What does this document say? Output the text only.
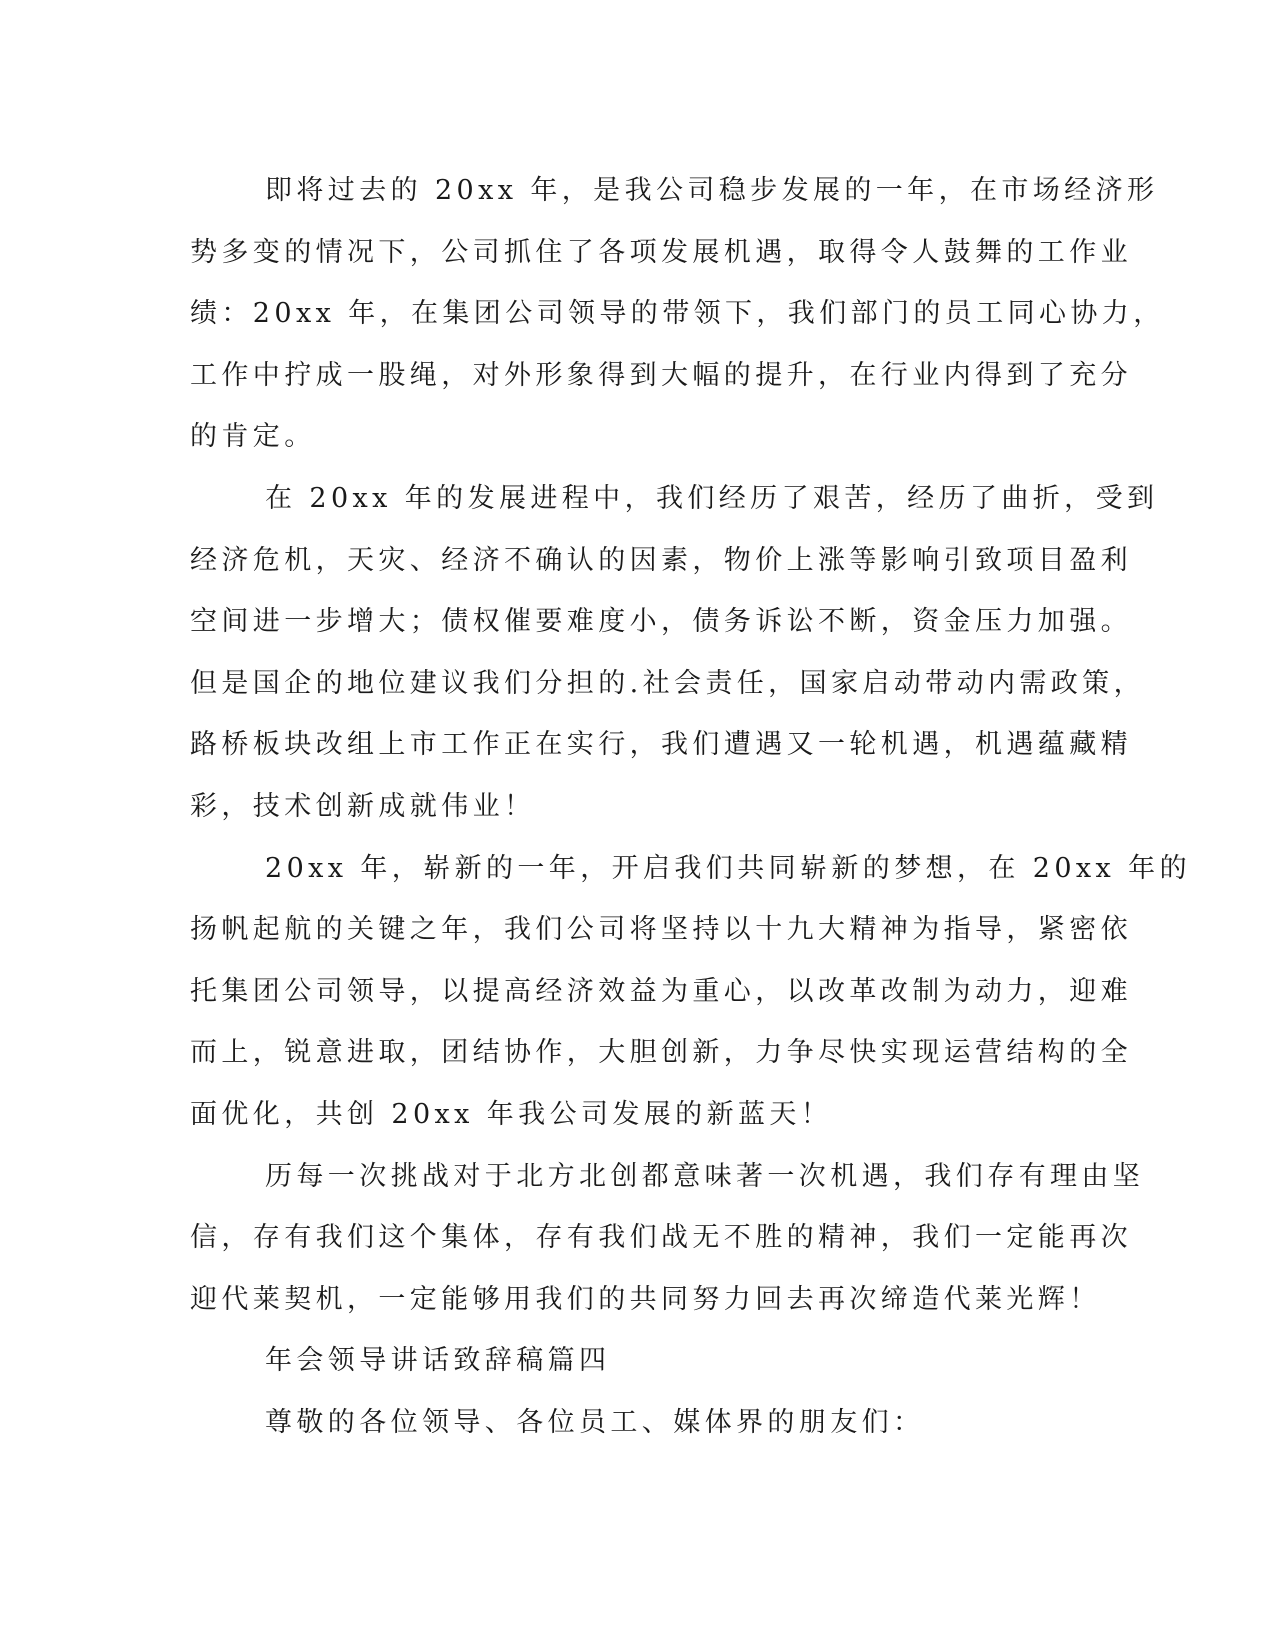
即将过去的 20xx 年，是我公司稳步发展的一年，在市场经济形
势多变的情况下，公司抓住了各项发展机遇，取得令人鼓舞的工作业
绩：20xx 年，在集团公司领导的带领下，我们部门的员工同心协力，
工作中拧成一股绳，对外形象得到大幅的提升，在行业内得到了充分
的肯定。
在 20xx 年的发展进程中，我们经历了艰苦，经历了曲折，受到
经济危机，天灾、经济不确认的因素，物价上涨等影响引致项目盈利
空间进一步增大；债权催要难度小，债务诉讼不断，资金压力加强。
但是国企的地位建议我们分担的.社会责任，国家启动带动内需政策，
路桥板块改组上市工作正在实行，我们遭遇又一轮机遇，机遇蕴藏精
彩，技术创新成就伟业！
20xx 年，崭新的一年，开启我们共同崭新的梦想，在 20xx 年的
扬帆起航的关键之年，我们公司将坚持以十九大精神为指导，紧密依
托集团公司领导，以提高经济效益为重心，以改革改制为动力，迎难
而上，锐意进取，团结协作，大胆创新，力争尽快实现运营结构的全
面优化，共创 20xx 年我公司发展的新蓝天！
历每一次挑战对于北方北创都意味著一次机遇，我们存有理由坚
信，存有我们这个集体，存有我们战无不胜的精神，我们一定能再次
迎代莱契机，一定能够用我们的共同努力回去再次缔造代莱光辉！
年会领导讲话致辞稿篇四
尊敬的各位领导、各位员工、媒体界的朋友们：
